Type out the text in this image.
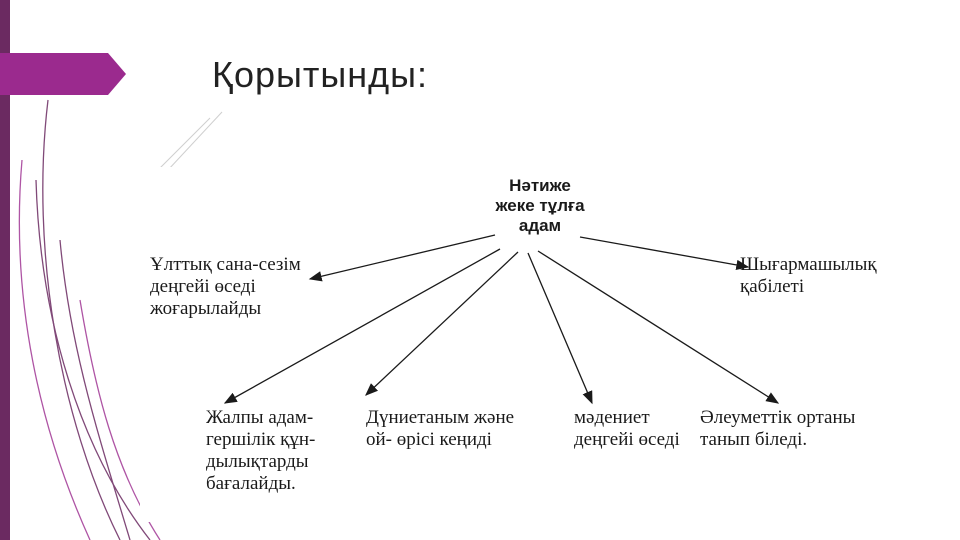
Қорытынды:
Нәтиже
жеке тұлға
адам
Ұлттық сана-сезім
деңгейі өседі
жоғарылайды
Шығармашылық
қабілеті
Жалпы адам-
гершілік құн-
дылықтарды
бағалайды.
Дүниетаным және
ой- өрісі кеңиді
мәдениет
деңгейі өседі
Әлеуметтік ортаны
танып біледі.
